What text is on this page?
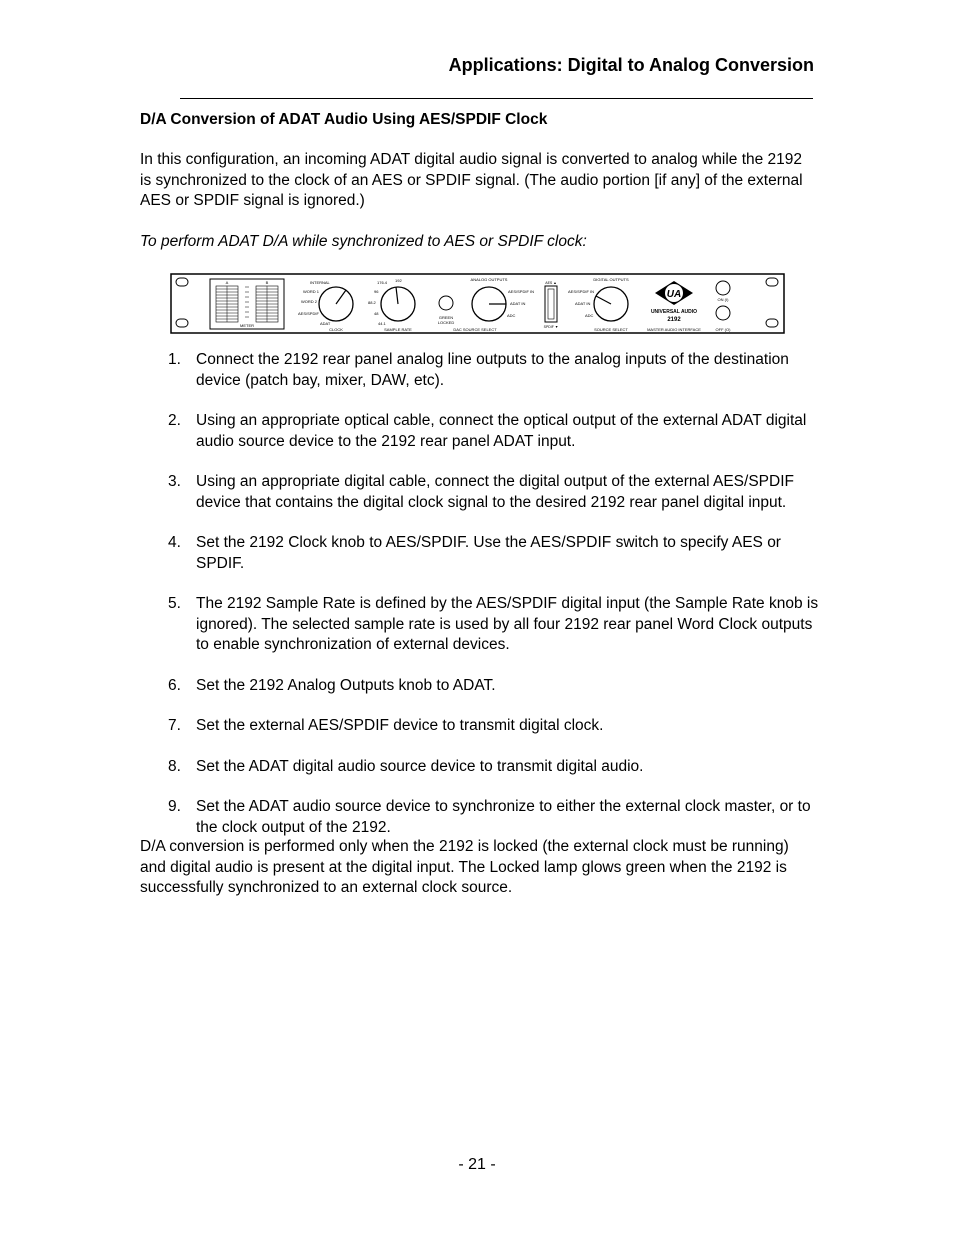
Applications: Digital to Analog Conversion
D/A Conversion of ADAT Audio Using AES/SPDIF Clock

In this configuration, an incoming ADAT digital audio signal is converted to analog while the 2192 is synchronized to the clock of an AES or SPDIF signal. (The audio portion [if any] of the external AES or SPDIF signal is ignored.)

To perform ADAT D/A while synchronized to AES or SPDIF clock:

A	B
METER
INTERNAL
WORD 1
WORD 2
AES/SPDIF
ADAT
CLOCK
176.4 192
96
88.2
48
44.1
SAMPLE RATE
GREEN
LOCKED
ANALOG OUTPUTS
AES/SPDIF IN
ADAT IN
ADC
DAC SOURCE SELECT
AES ▲
SPDIF ▼
DIGITAL OUTPUTS
AES/SPDIF IN
ADAT IN
ADC
SOURCE SELECT
UA
UNIVERSAL AUDIO
2192
MASTER AUDIO INTERFACE
ON (I)
OFF (O)
1. Connect the 2192 rear panel analog line outputs to the analog inputs of the destination device (patch bay, mixer, DAW, etc).
2. Using an appropriate optical cable, connect the optical output of the external ADAT digital audio source device to the 2192 rear panel ADAT input.
3. Using an appropriate digital cable, connect the digital output of the external AES/SPDIF device that contains the digital clock signal to the desired 2192 rear panel digital input.
4. Set the 2192 Clock knob to AES/SPDIF. Use the AES/SPDIF switch to specify AES or SPDIF.
5. The 2192 Sample Rate is defined by the AES/SPDIF digital input (the Sample Rate knob is ignored). The selected sample rate is used by all four 2192 rear panel Word Clock outputs to enable synchronization of external devices.
6. Set the 2192 Analog Outputs knob to ADAT.
7. Set the external AES/SPDIF device to transmit digital clock.
8. Set the ADAT digital audio source device to transmit digital audio.
9. Set the ADAT audio source device to synchronize to either the external clock master, or to the clock output of the 2192.

D/A conversion is performed only when the 2192 is locked (the external clock must be running) and digital audio is present at the digital input. The Locked lamp glows green when the 2192 is successfully synchronized to an external clock source.

- 21 -
